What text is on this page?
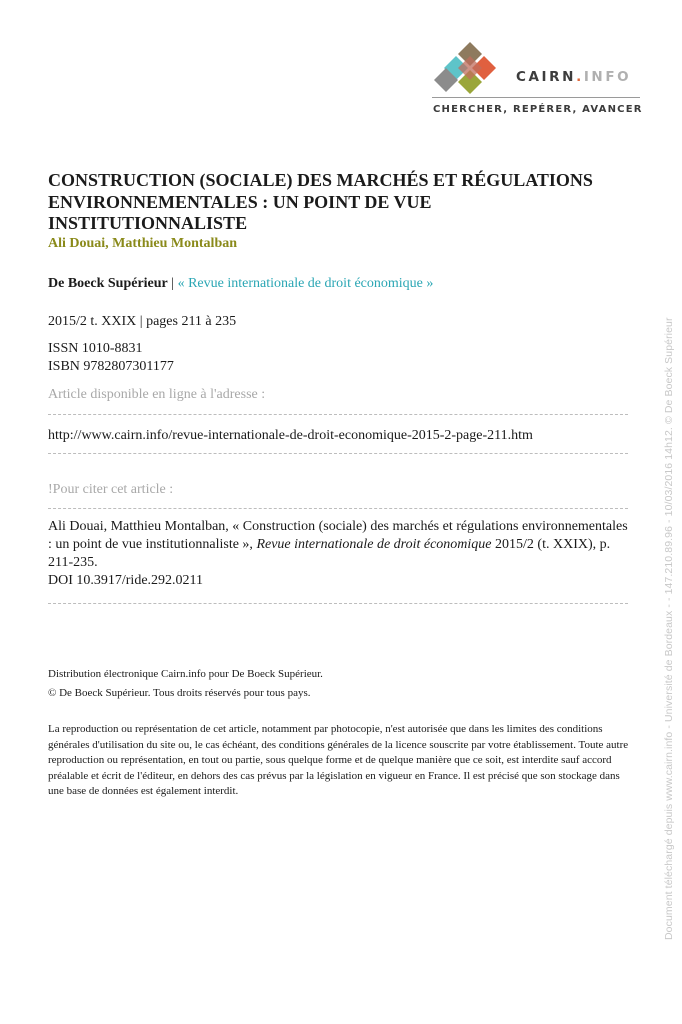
CAIRN.INFO
CHERCHER, REPÉRER, AVANCER
CONSTRUCTION (SOCIALE) DES MARCHÉS ET RÉGULATIONS ENVIRONNEMENTALES : UN POINT DE VUE INSTITUTIONNALISTE
Ali Douai, Matthieu Montalban
De Boeck Supérieur | « Revue internationale de droit économique »
2015/2 t. XXIX | pages 211 à 235
ISSN 1010-8831
ISBN 9782807301177
Article disponible en ligne à l'adresse :
http://www.cairn.info/revue-internationale-de-droit-economique-2015-2-page-211.htm
!Pour citer cet article :
Ali Douai, Matthieu Montalban, « Construction (sociale) des marchés et régulations environnementales : un point de vue institutionnaliste », Revue internationale de droit économique 2015/2 (t. XXIX), p. 211-235.
DOI 10.3917/ride.292.0211
Distribution électronique Cairn.info pour De Boeck Supérieur.
© De Boeck Supérieur. Tous droits réservés pour tous pays.
La reproduction ou représentation de cet article, notamment par photocopie, n'est autorisée que dans les limites des conditions générales d'utilisation du site ou, le cas échéant, des conditions générales de la licence souscrite par votre établissement. Toute autre reproduction ou représentation, en tout ou partie, sous quelque forme et de quelque manière que ce soit, est interdite sauf accord préalable et écrit de l'éditeur, en dehors des cas prévus par la législation en vigueur en France. Il est précisé que son stockage dans une base de données est également interdit.	Document téléchargé depuis www.cairn.info - Université de Bordeaux - - 147.210.89.96 - 10/03/2016 14h12. © De Boeck Supérieur
